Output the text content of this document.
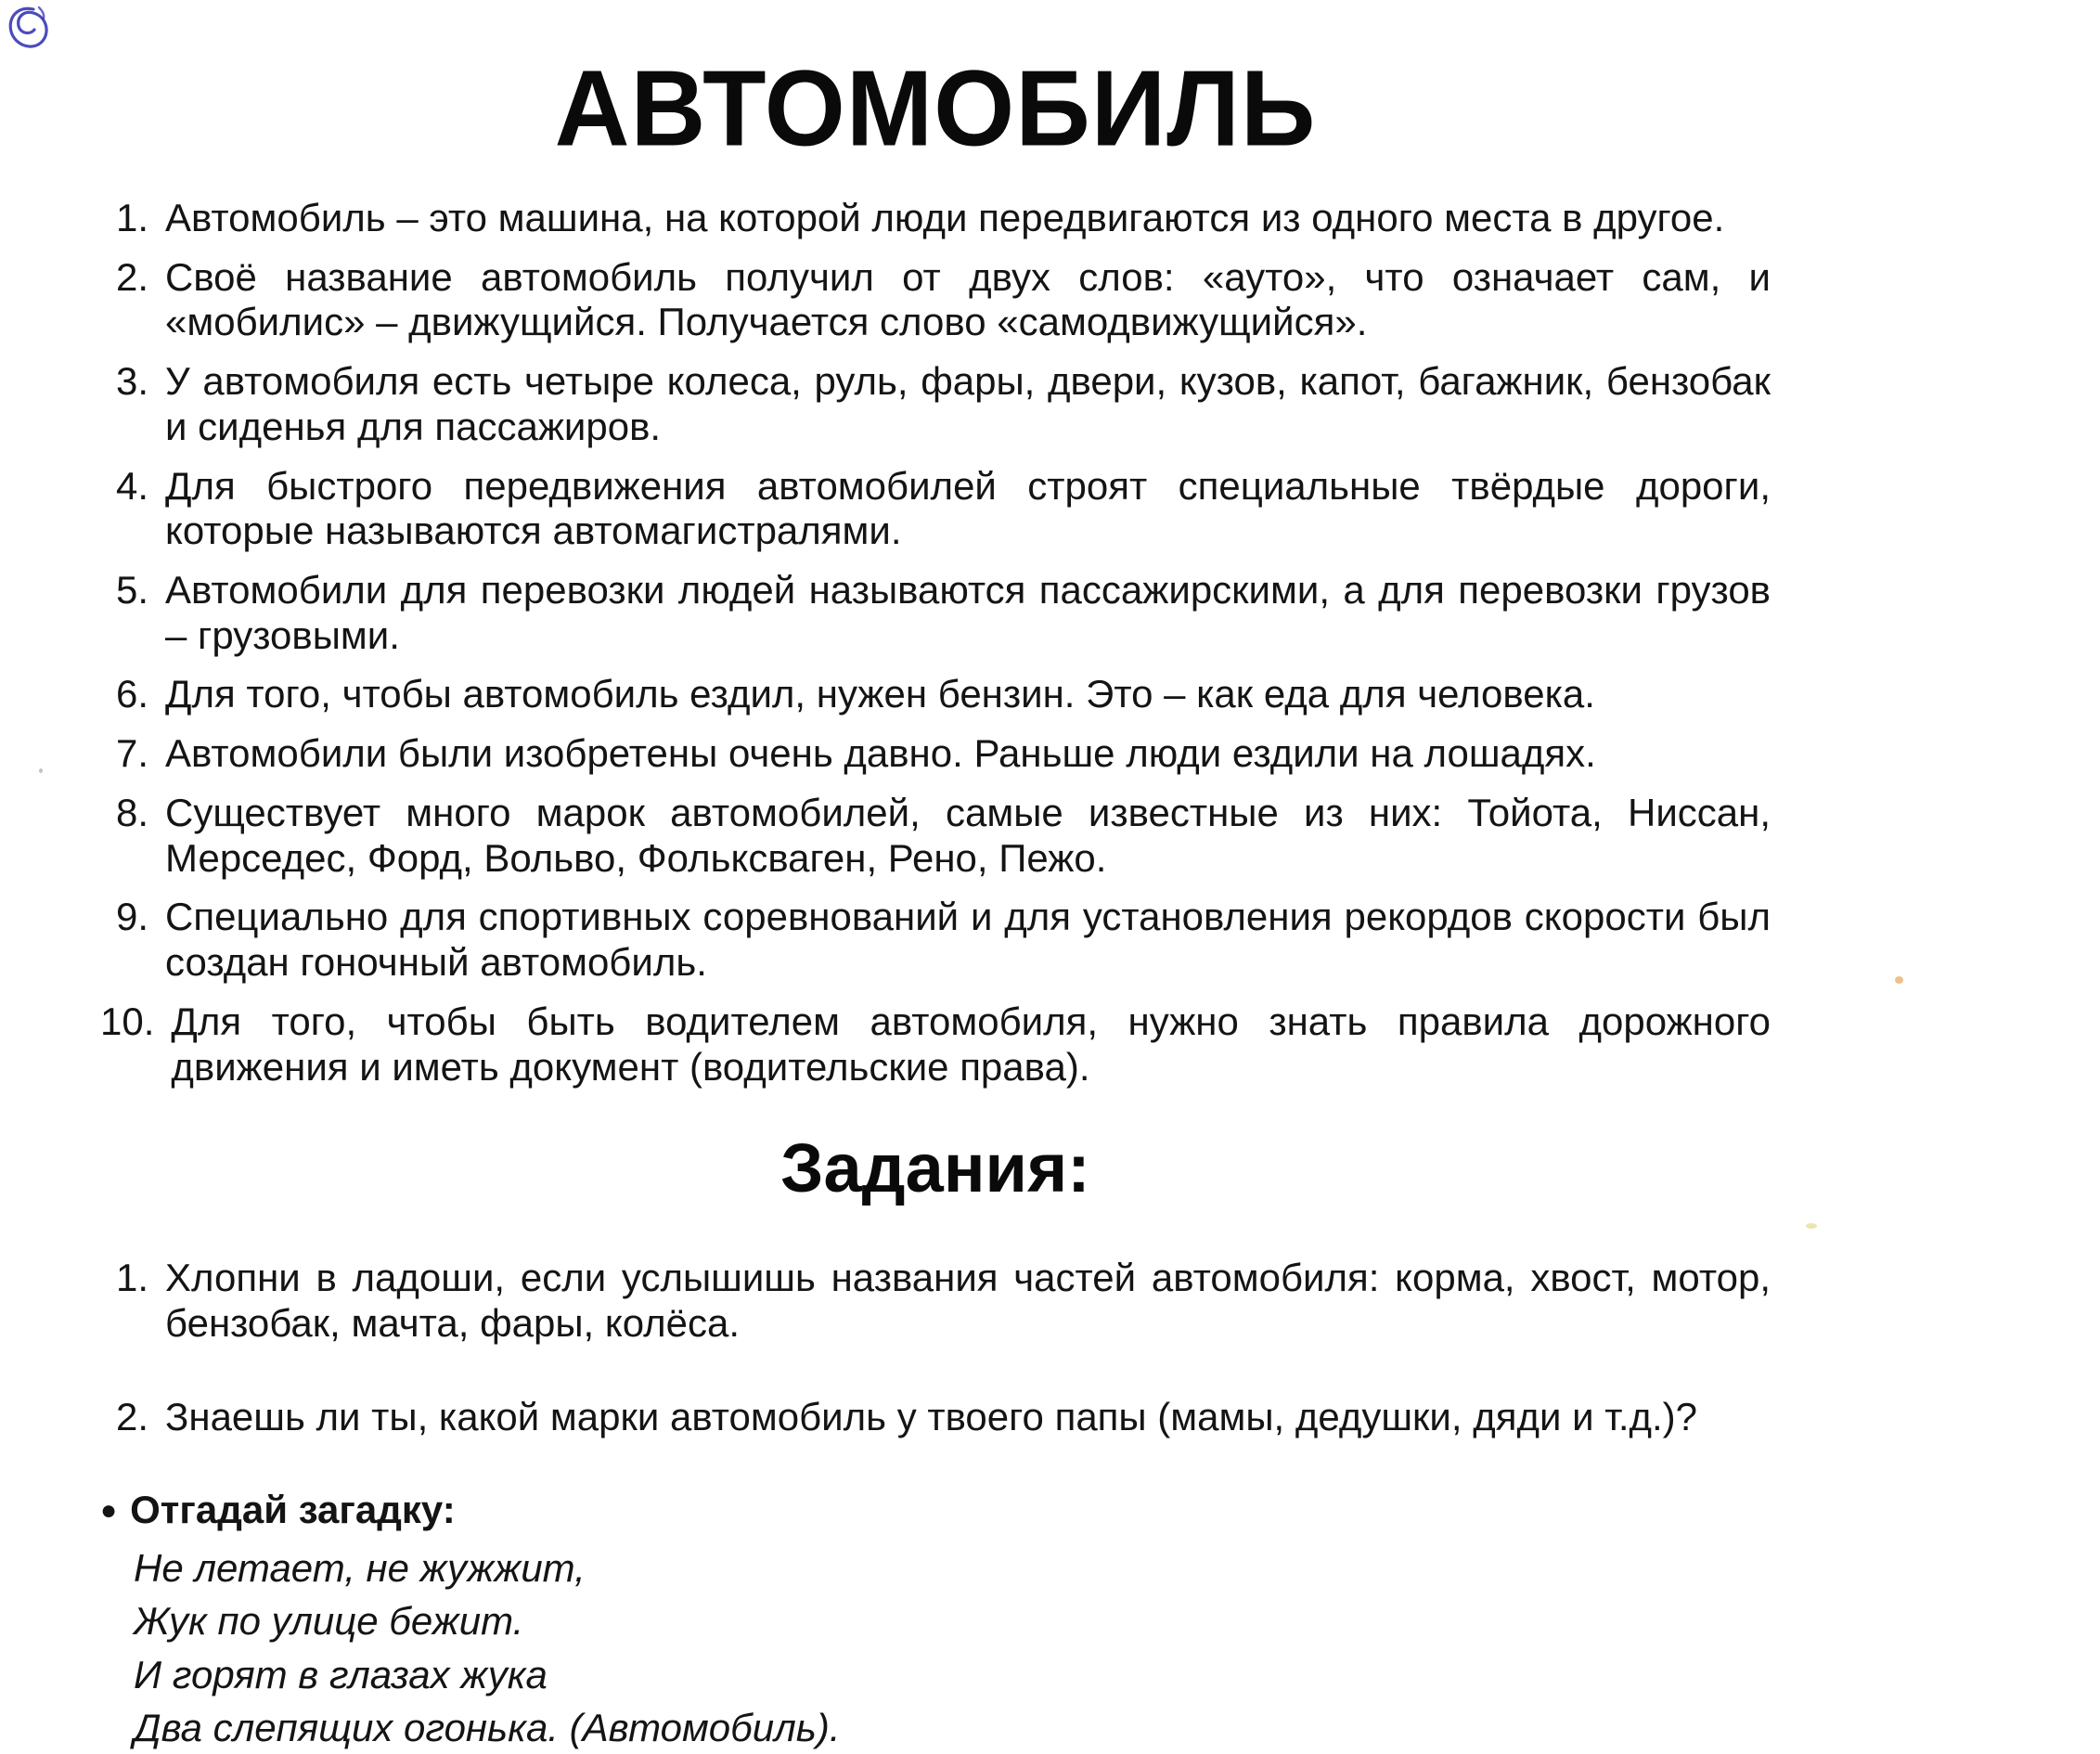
АВТОМОБИЛЬ
1. Автомобиль – это машина, на которой люди передвигаются из одного места в другое.
2. Своё название автомобиль получил от двух слов: «ауто», что означает сам, и «мобилис» – движущийся. Получается слово «самодвижущийся».
3. У автомобиля есть четыре колеса, руль, фары, двери, кузов, капот, багажник, бензобак и сиденья для пассажиров.
4. Для быстрого передвижения автомобилей строят специальные твёрдые дороги, которые называются автомагистралями.
5. Автомобили для перевозки людей называются пассажирскими, а для перевозки грузов – грузовыми.
6. Для того, чтобы автомобиль ездил, нужен бензин. Это – как еда для человека.
7. Автомобили были изобретены очень давно. Раньше люди ездили на лошадях.
8. Существует много марок автомобилей, самые известные из них: Тойота, Ниссан, Мерседес, Форд, Вольво, Фольксваген, Рено, Пежо.
9. Специально для спортивных соревнований и для установления рекордов скорости был создан гоночный автомобиль.
10. Для того, чтобы быть водителем автомобиля, нужно знать правила дорожного движения и иметь документ (водительские права).
Задания:
1. Хлопни в ладоши, если услышишь названия частей автомобиля: корма, хвост, мотор, бензобак, мачта, фары, колёса.
2. Знаешь ли ты, какой марки автомобиль у твоего папы (мамы, дедушки, дяди и т.д.)?
● Отгадай загадку:
Не летает, не жужжит,
Жук по улице бежит.
И горят в глазах жука
Два слепящих огонька. (Автомобиль).
